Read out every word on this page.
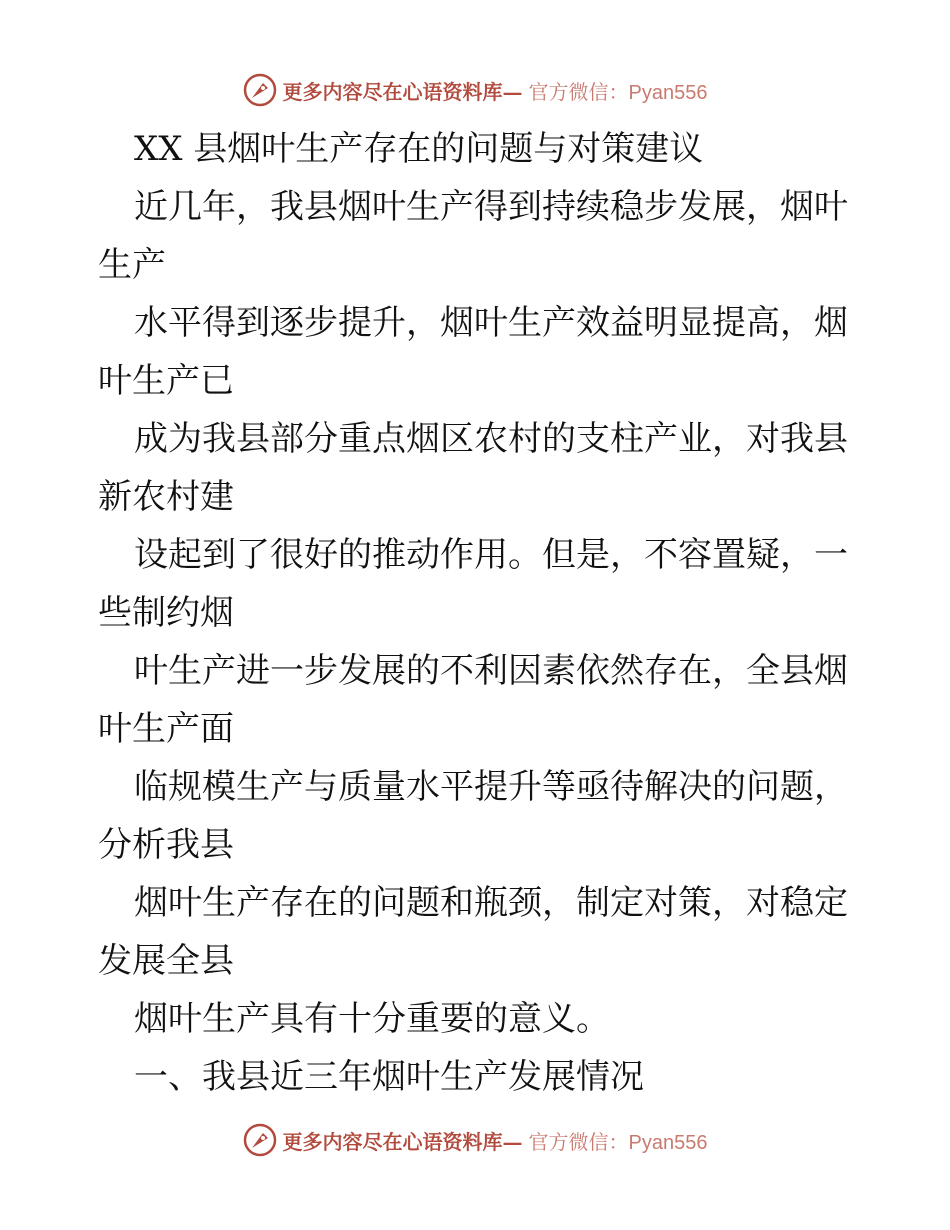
更多内容尽在心语资料库— 官方微信：Pyan556
XX 县烟叶生产存在的问题与对策建议
近几年，我县烟叶生产得到持续稳步发展，烟叶
生产
水平得到逐步提升，烟叶生产效益明显提高，烟
叶生产已
成为我县部分重点烟区农村的支柱产业，对我县
新农村建
设起到了很好的推动作用。但是，不容置疑，一
些制约烟
叶生产进一步发展的不利因素依然存在，全县烟
叶生产面
临规模生产与质量水平提升等亟待解决的问题，
分析我县
烟叶生产存在的问题和瓶颈，制定对策，对稳定
发展全县
烟叶生产具有十分重要的意义。
一、我县近三年烟叶生产发展情况
更多内容尽在心语资料库— 官方微信：Pyan556
